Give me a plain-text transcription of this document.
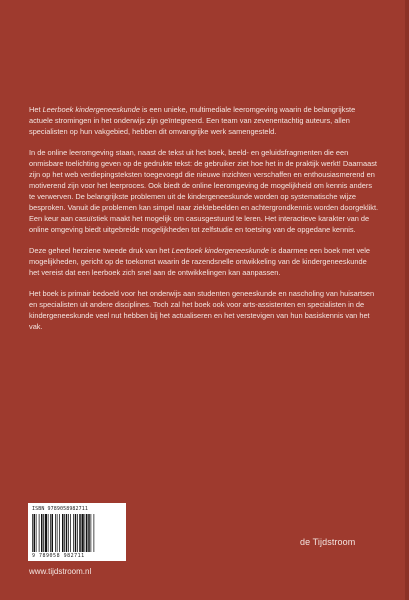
Het Leerboek kindergeneeskunde is een unieke, multimediale leeromgeving waarin de belangrijkste actuele stromingen in het onderwijs zijn geïntegreerd. Een team van zevenentachtig auteurs, allen specialisten op hun vakgebied, hebben dit omvangrijke werk samengesteld.

In de online leeromgeving staan, naast de tekst uit het boek, beeld- en geluidsfragmenten die een onmisbare toelichting geven op de gedrukte tekst: de gebruiker ziet hoe het in de praktijk werkt! Daarnaast zijn op het web verdiepingsteksten toegevoegd die nieuwe inzichten verschaffen en enthousiasmerend en motiverend zijn voor het leerproces. Ook biedt de online leeromgeving de mogelijkheid om kennis anders te verwerven. De belangrijkste problemen uit de kindergeneeskunde worden op systematische wijze besproken. Vanuit die problemen kan simpel naar ziektebeelden en achtergrondkennis worden doorgeklikt. Een keur aan casuïstiek maakt het mogelijk om casusgestuurd te leren. Het interactieve karakter van de online omgeving biedt uitgebreide mogelijkheden tot zelfstudie en toetsing van de opgedane kennis.

Deze geheel herziene tweede druk van het Leerboek kindergeneeskunde is daarmee een boek met vele mogelijkheden, gericht op de toekomst waarin de razendsnelle ontwikkeling van de kindergeneeskunde het vereist dat een leerboek zich snel aan de ontwikkelingen kan aanpassen.

Het boek is primair bedoeld voor het onderwijs aan studenten geneeskunde en nascholing van huisartsen en specialisten uit andere disciplines. Toch zal het boek ook voor arts-assistenten en specialisten in de kindergeneeskunde veel nut hebben bij het actualiseren en het verstevigen van hun basiskennis van het vak.

ISBN 9789058982711
9 789058 982711
www.tijdstroom.nl
de Tijdstroom
